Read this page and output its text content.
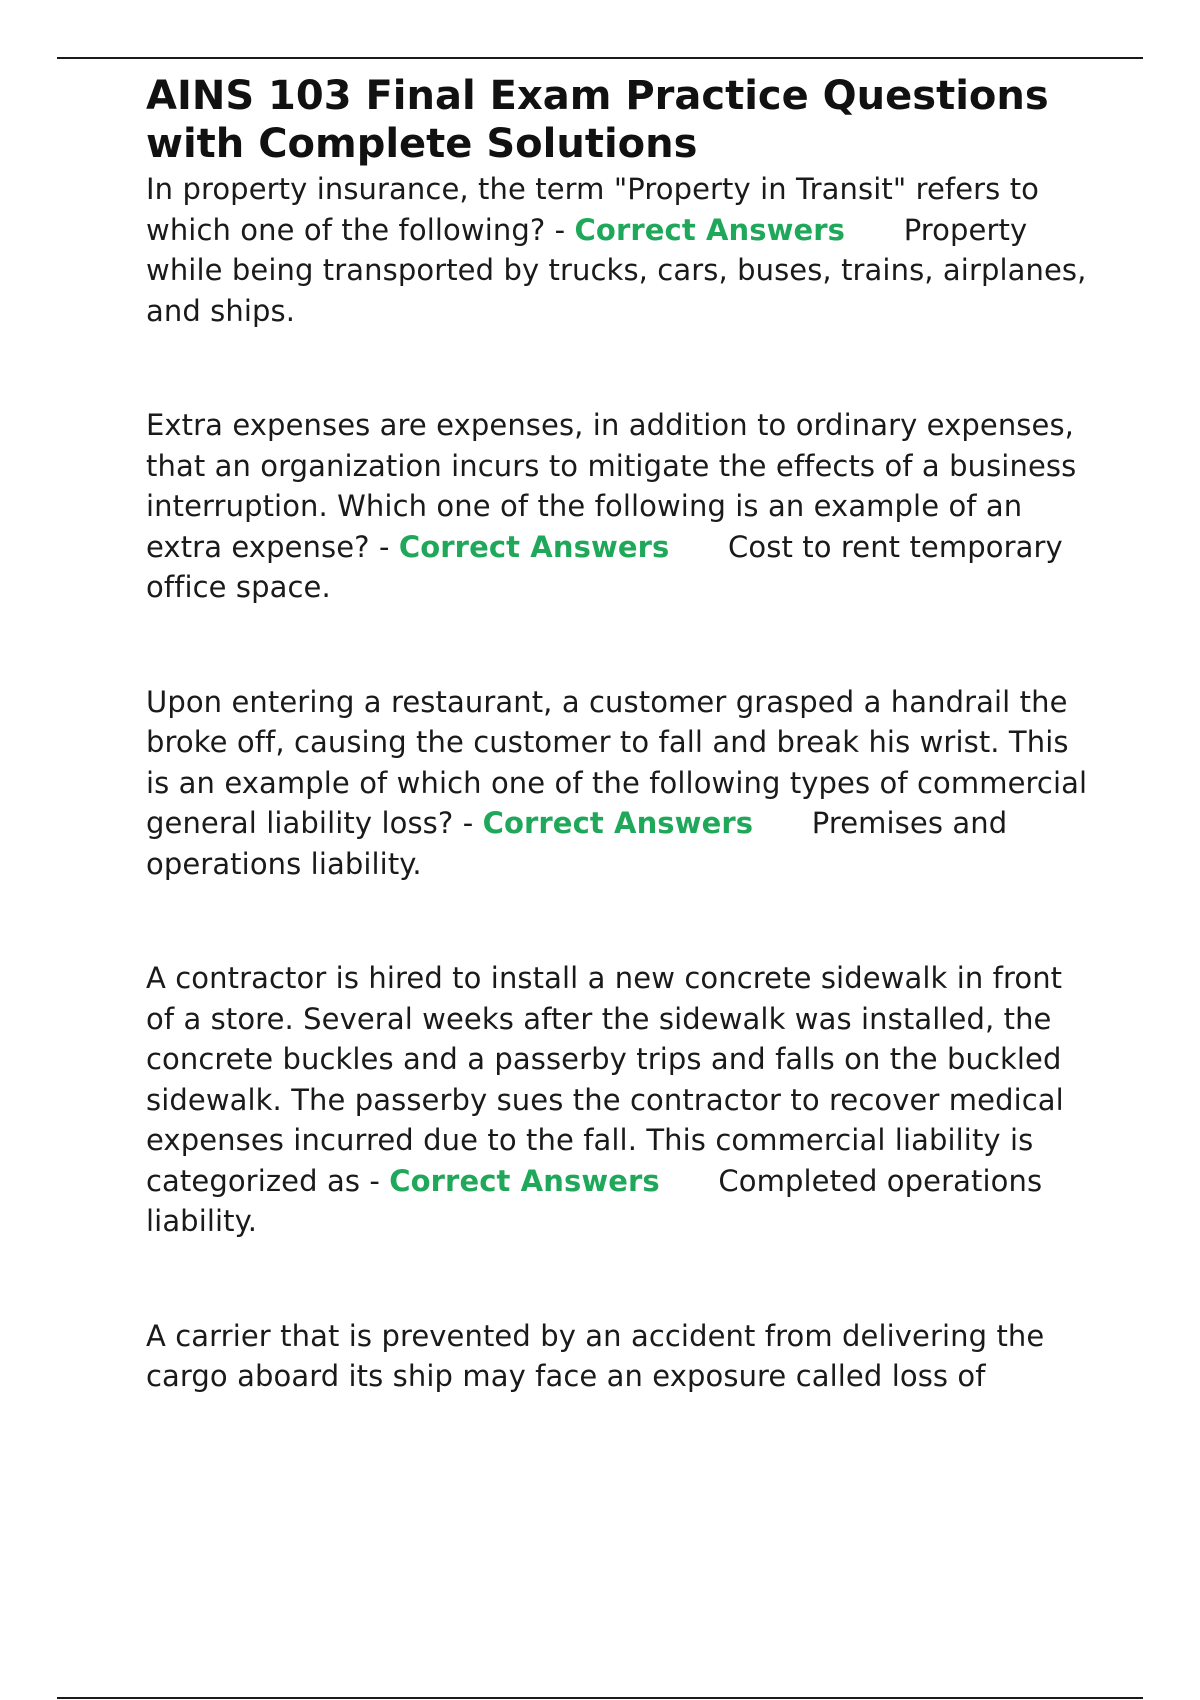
AINS 103 Final Exam Practice Questions with Complete Solutions

In property insurance, the term "Property in Transit" refers to which one of the following? - Correct Answers Property while being transported by trucks, cars, buses, trains, airplanes, and ships.

Extra expenses are expenses, in addition to ordinary expenses, that an organization incurs to mitigate the effects of a business interruption. Which one of the following is an example of an extra expense? - Correct Answers Cost to rent temporary office space.

Upon entering a restaurant, a customer grasped a handrail the broke off, causing the customer to fall and break his wrist. This is an example of which one of the following types of commercial general liability loss? - Correct Answers Premises and operations liability.

A contractor is hired to install a new concrete sidewalk in front of a store. Several weeks after the sidewalk was installed, the concrete buckles and a passerby trips and falls on the buckled sidewalk. The passerby sues the contractor to recover medical expenses incurred due to the fall. This commercial liability is categorized as - Correct Answers Completed operations liability.

A carrier that is prevented by an accident from delivering the cargo aboard its ship may face an exposure called loss of
